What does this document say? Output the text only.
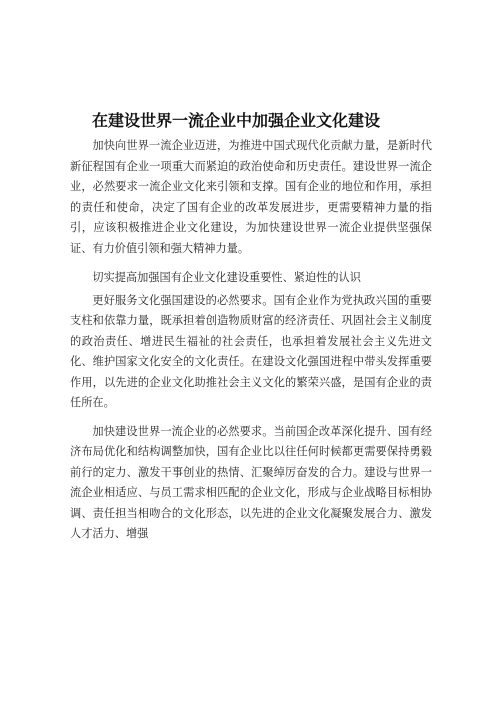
在建设世界一流企业中加强企业文化建设

加快向世界一流企业迈进，为推进中国式现代化贡献力量，是新时代新征程国有企业一项重大而紧迫的政治使命和历史责任。建设世界一流企业，必然要求一流企业文化来引领和支撑。国有企业的地位和作用，承担的责任和使命，决定了国有企业的改革发展进步，更需要精神力量的指引，应该积极推进企业文化建设，为加快建设世界一流企业提供坚强保证、有力价值引领和强大精神力量。

切实提高加强国有企业文化建设重要性、紧迫性的认识

更好服务文化强国建设的必然要求。国有企业作为党执政兴国的重要支柱和依靠力量，既承担着创造物质财富的经济责任、巩固社会主义制度的政治责任、增进民生福祉的社会责任，也承担着发展社会主义先进文化、维护国家文化安全的文化责任。在建设文化强国进程中带头发挥重要作用，以先进的企业文化助推社会主义文化的繁荣兴盛，是国有企业的责任所在。

加快建设世界一流企业的必然要求。当前国企改革深化提升、国有经济布局优化和结构调整加快，国有企业比以往任何时候都更需要保持勇毅前行的定力、激发干事创业的热情、汇聚绰厉奋发的合力。建设与世界一流企业相适应、与员工需求相匹配的企业文化，形成与企业战略目标相协调、责任担当相吻合的文化形态，以先进的企业文化凝聚发展合力、激发人才活力、增强
